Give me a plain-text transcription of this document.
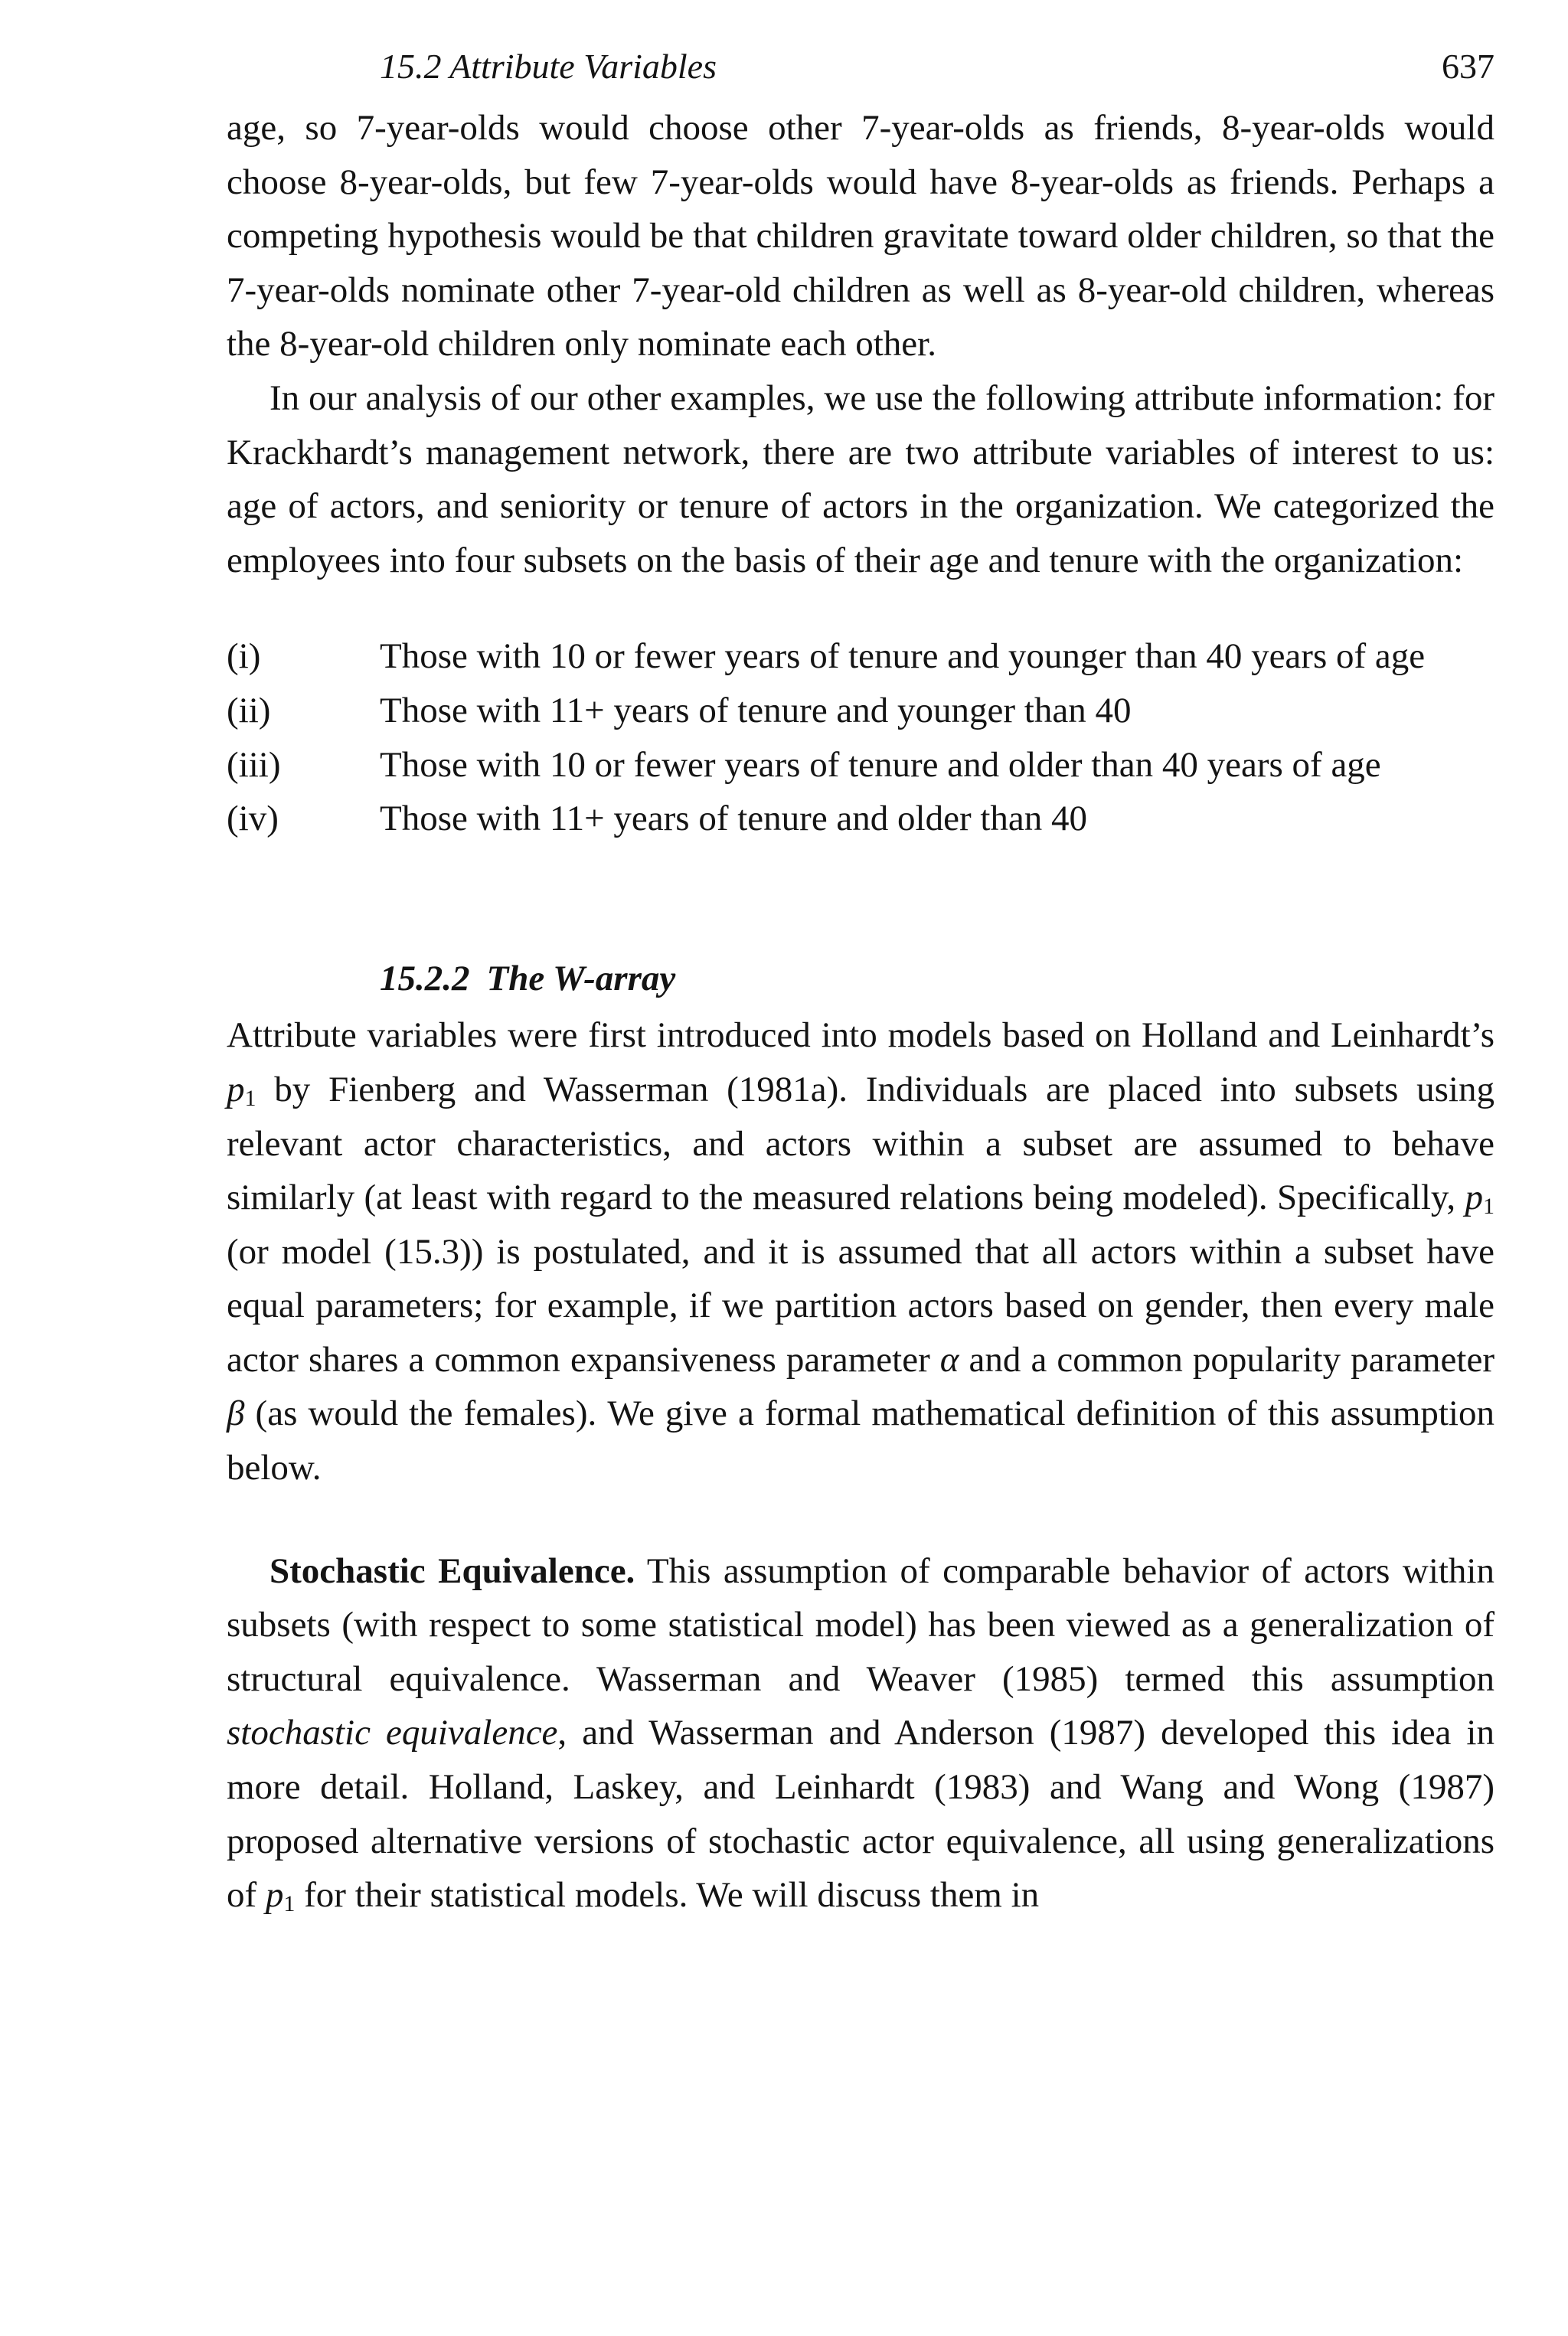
15.2 Attribute Variables	637

age, so 7-year-olds would choose other 7-year-olds as friends, 8-year-olds would choose 8-year-olds, but few 7-year-olds would have 8-year-olds as friends. Perhaps a competing hypothesis would be that children gravitate toward older children, so that the 7-year-olds nominate other 7-year-old children as well as 8-year-old children, whereas the 8-year-old children only nominate each other.

In our analysis of our other examples, we use the following attribute information: for Krackhardt’s management network, there are two attribute variables of interest to us: age of actors, and seniority or tenure of actors in the organization. We categorized the employees into four subsets on the basis of their age and tenure with the organization:

(i)	Those with 10 or fewer years of tenure and younger than 40 years of age
(ii)	Those with 11+ years of tenure and younger than 40
(iii)	Those with 10 or fewer years of tenure and older than 40 years of age
(iv)	Those with 11+ years of tenure and older than 40
15.2.2 The W-array

Attribute variables were first introduced into models based on Holland and Leinhardt’s $p_1$ by Fienberg and Wasserman (1981a). Individuals are placed into subsets using relevant actor characteristics, and actors within a subset are assumed to behave similarly (at least with regard to the measured relations being modeled). Specifically, $p_1$ (or model (15.3)) is postulated, and it is assumed that all actors within a subset have equal parameters; for example, if we partition actors based on gender, then every male actor shares a common expansiveness parameter α and a common popularity parameter β (as would the females). We give a formal mathematical definition of this assumption below.

Stochastic Equivalence. This assumption of comparable behavior of actors within subsets (with respect to some statistical model) has been viewed as a generalization of structural equivalence. Wasserman and Weaver (1985) termed this assumption stochastic equivalence, and Wasserman and Anderson (1987) developed this idea in more detail. Holland, Laskey, and Leinhardt (1983) and Wang and Wong (1987) proposed alternative versions of stochastic actor equivalence, all using generalizations of $p_1$ for their statistical models. We will discuss them in
